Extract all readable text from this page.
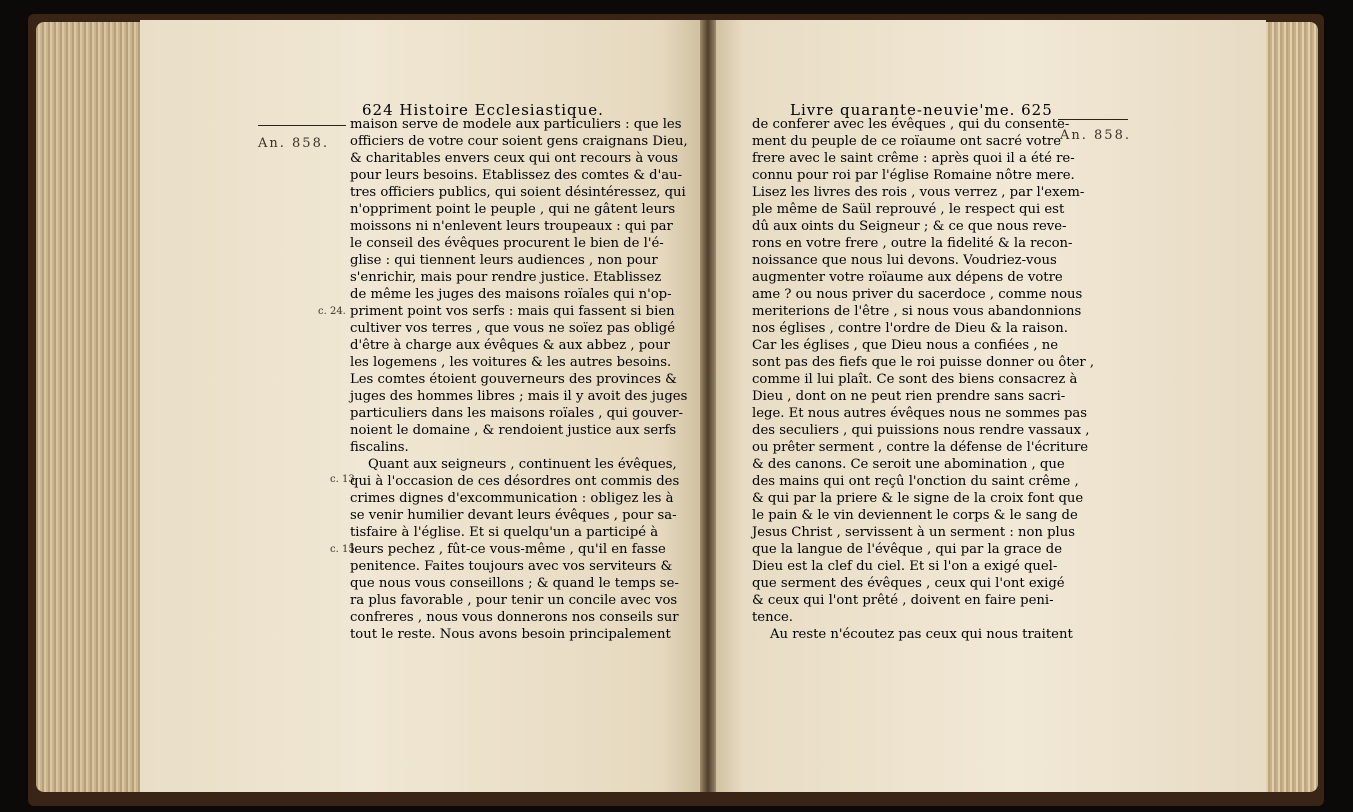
624 Histoire Ecclesiastique.
An. 858.
c. 24.
c. 13.
c. 15.
maison serve de modele aux particuliers : que les
officiers de votre cour soient gens craignans Dieu,
& charitables envers ceux qui ont recours à vous
pour leurs besoins. Etablissez des comtes & d'au-
tres officiers publics, qui soient désintéressez, qui
n'oppriment point le peuple , qui ne gâtent leurs
moissons ni n'enlevent leurs troupeaux : qui par
le conseil des évêques procurent le bien de l'é-
glise : qui tiennent leurs audiences , non pour
s'enrichir, mais pour rendre justice. Etablissez
de même les juges des maisons roïales qui n'op-
priment point vos serfs : mais qui fassent si bien
cultiver vos terres , que vous ne soïez pas obligé
d'être à charge aux évêques & aux abbez , pour
les logemens , les voitures & les autres besoins.
Les comtes étoient gouverneurs des provinces &
juges des hommes libres ; mais il y avoit des juges
particuliers dans les maisons roïales , qui gouver-
noient le domaine , & rendoient justice aux serfs
fiscalins.
Quant aux seigneurs , continuent les évêques,
qui à l'occasion de ces désordres ont commis des
crimes dignes d'excommunication : obligez les à
se venir humilier devant leurs évêques , pour sa-
tisfaire à l'église. Et si quelqu'un a participé à
leurs pechez , fût-ce vous-même , qu'il en fasse
penitence. Faites toujours avec vos serviteurs &
que nous vous conseillons ; & quand le temps se-
ra plus favorable , pour tenir un concile avec vos
confreres , nous vous donnerons nos conseils sur
tout le reste. Nous avons besoin principalement
Livre quarante-neuvie'me. 625
An. 858.
de conferer avec les évêques , qui du consente-
ment du peuple de ce roïaume ont sacré votre
frere avec le saint crême : après quoi il a été re-
connu pour roi par l'église Romaine nôtre mere.
Lisez les livres des rois , vous verrez , par l'exem-
ple même de Saül reprouvé , le respect qui est
dû aux oints du Seigneur ; & ce que nous reve-
rons en votre frere , outre la fidelité & la recon-
noissance que nous lui devons. Voudriez-vous
augmenter votre roïaume aux dépens de votre
ame ? ou nous priver du sacerdoce , comme nous
meriterions de l'être , si nous vous abandonnions
nos églises , contre l'ordre de Dieu & la raison.
Car les églises , que Dieu nous a confiées , ne
sont pas des fiefs que le roi puisse donner ou ôter ,
comme il lui plaît. Ce sont des biens consacrez à
Dieu , dont on ne peut rien prendre sans sacri-
lege. Et nous autres évêques nous ne sommes pas
des seculiers , qui puissions nous rendre vassaux ,
ou prêter serment , contre la défense de l'écriture
& des canons. Ce seroit une abomination , que
des mains qui ont reçû l'onction du saint crême ,
& qui par la priere & le signe de la croix font que
le pain & le vin deviennent le corps & le sang de
Jesus Christ , servissent à un serment : non plus
que la langue de l'évêque , qui par la grace de
Dieu est la clef du ciel. Et si l'on a exigé quel-
que serment des évêques , ceux qui l'ont exigé
& ceux qui l'ont prêté , doivent en faire peni-
tence.
Au reste n'écoutez pas ceux qui nous traitent
